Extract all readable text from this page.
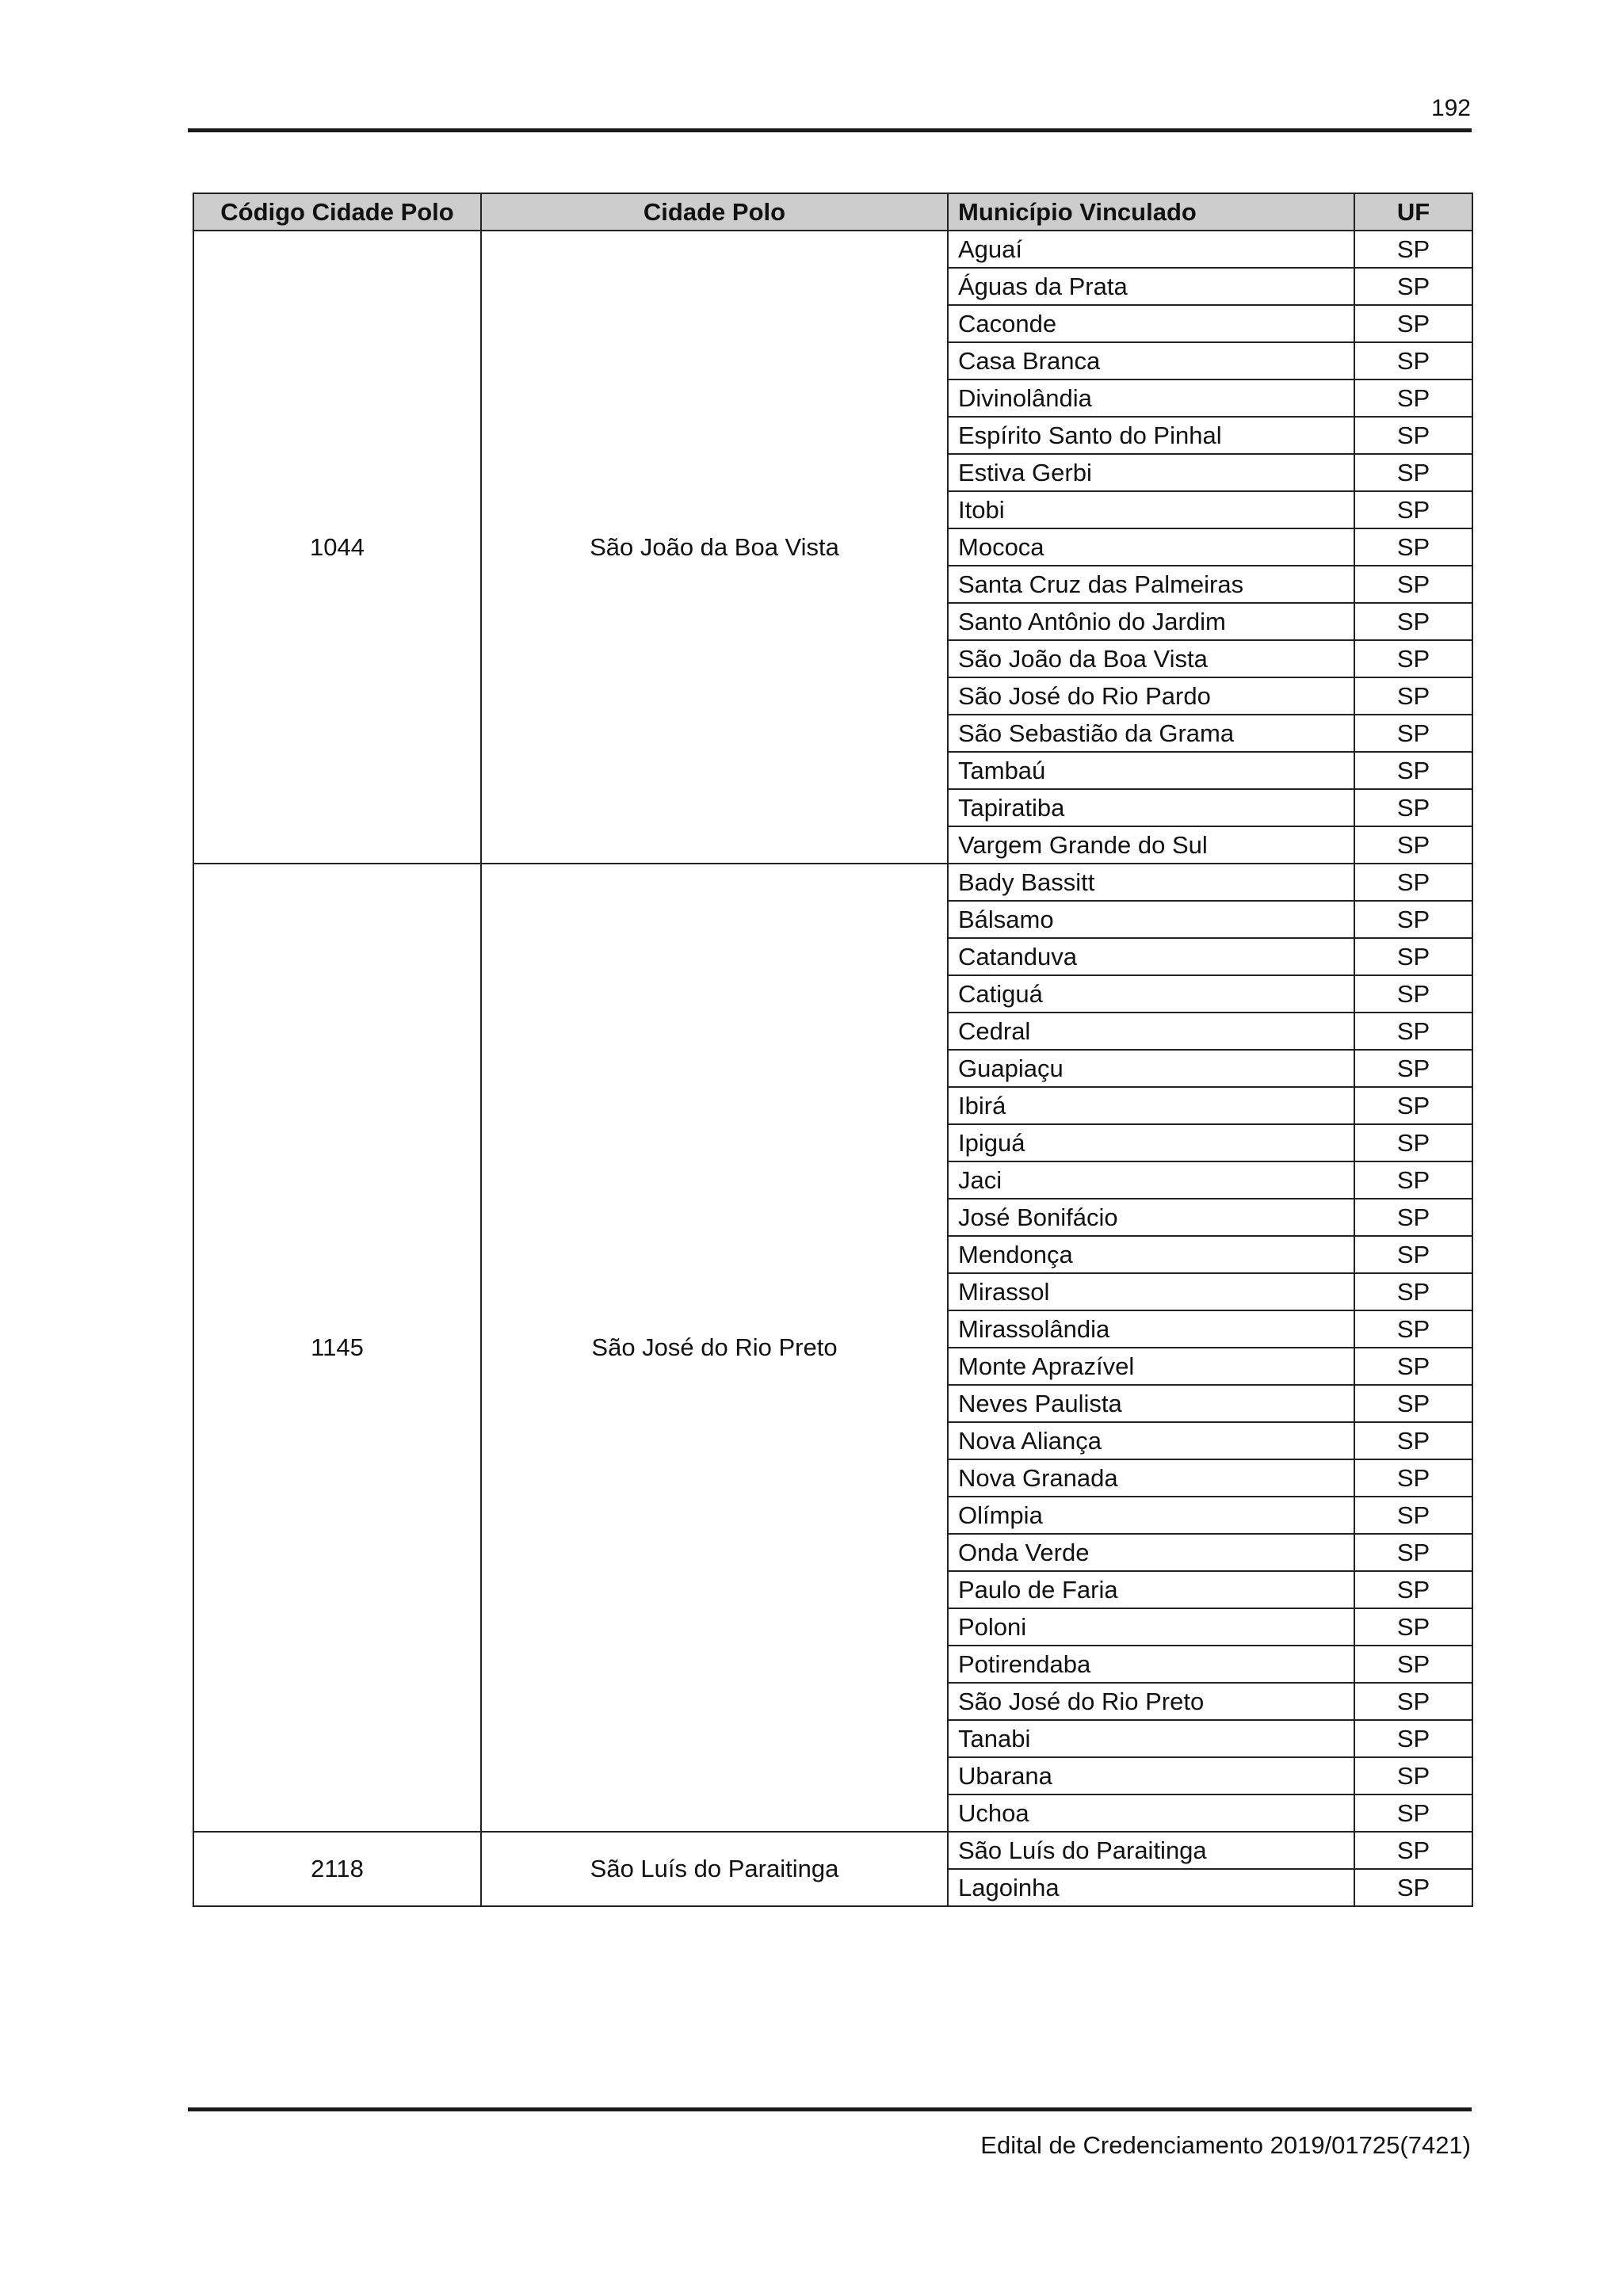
192
Código Cidade Polo	Cidade Polo	Município Vinculado	UF
1044	São João da Boa Vista	Aguaí	SP
		Águas da Prata	SP
		Caconde	SP
		Casa Branca	SP
		Divinolândia	SP
		Espírito Santo do Pinhal	SP
		Estiva Gerbi	SP
		Itobi	SP
		Mococa	SP
		Santa Cruz das Palmeiras	SP
		Santo Antônio do Jardim	SP
		São João da Boa Vista	SP
		São José do Rio Pardo	SP
		São Sebastião da Grama	SP
		Tambaú	SP
		Tapiratiba	SP
		Vargem Grande do Sul	SP
1145	São José do Rio Preto	Bady Bassitt	SP
		Bálsamo	SP
		Catanduva	SP
		Catiguá	SP
		Cedral	SP
		Guapiaçu	SP
		Ibirá	SP
		Ipiguá	SP
		Jaci	SP
		José Bonifácio	SP
		Mendonça	SP
		Mirassol	SP
		Mirassolândia	SP
		Monte Aprazível	SP
		Neves Paulista	SP
		Nova Aliança	SP
		Nova Granada	SP
		Olímpia	SP
		Onda Verde	SP
		Paulo de Faria	SP
		Poloni	SP
		Potirendaba	SP
		São José do Rio Preto	SP
		Tanabi	SP
		Ubarana	SP
		Uchoa	SP
2118	São Luís do Paraitinga	São Luís do Paraitinga	SP
		Lagoinha	SP
Edital de Credenciamento 2019/01725(7421)
